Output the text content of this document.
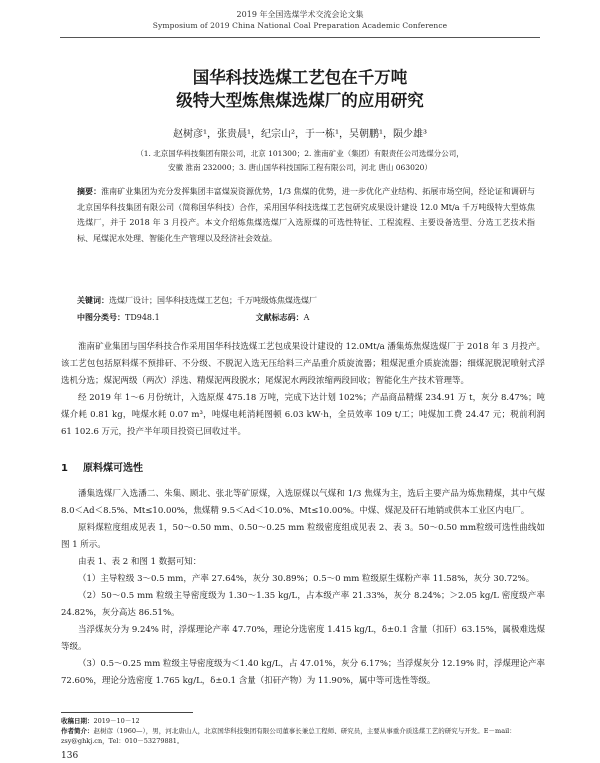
2019 年全国选煤学术交流会论文集
Symposium of 2019 China National Coal Preparation Academic Conference
国华科技选煤工艺包在千万吨
级特大型炼焦煤选煤厂的应用研究
赵树彦¹，张贵晨¹，纪宗山²，于一栋¹，吴朝鹏¹，陨少雄³
（1. 北京国华科技集团有限公司，北京 101300；2. 淮南矿业（集团）有限责任公司选煤分公司，
安徽 淮南 232000；3. 唐山国华科技国际工程有限公司，河北 唐山 063020）
摘要：淮南矿业集团为充分发挥集团丰富煤炭资源优势，1/3 焦煤的优势，进一步优化产业结构、拓展市场空间，经论证和调研与北京国华科技集团有限公司（简称国华科技）合作，采用国华科技选煤工艺包研究成果设计建设 12.0 Mt/a 千万吨级特大型炼焦选煤厂，并于 2018 年 3 月投产。本文介绍炼焦煤选煤厂入选原煤的可选性特征、工程流程、主要设备选型、分选工艺技术指标、尾煤泥水处理、智能化生产管理以及经济社会效益。
关键词：选煤厂设计；国华科技选煤工艺包；千万吨级炼焦煤选煤厂
中图分类号：TD948.1	文献标志码：A

淮南矿业集团与国华科技合作采用国华科技选煤工艺包成果设计建设的 12.0Mt/a 潘集炼焦煤选煤厂于 2018 年 3 月投产。该工艺包包括原料煤不预排矸、不分级、不脱泥入选无压给料三产品重介质旋流器；粗煤泥重介质旋流器；细煤泥脱泥喷射式浮选机分选；煤泥两级（两次）浮选、精煤泥两段脱水；尾煤泥水两段浓缩两段回收；智能化生产技术管理等。

经 2019 年 1～6 月份统计，入选原煤 475.18 万吨，完成下达计划 102%；产品商品精煤 234.91 万 t，灰分 8.47%；吨煤介耗 0.81 kg，吨煤水耗 0.07 m³，吨煤电耗消耗图顿 6.03 kW·h，全员效率 109 t/工；吨煤加工费 24.47 元；税前利润 61 102.6 万元，投产半年项目投资已回收过半。

1 原料煤可选性

潘集选煤厂入选潘二、朱集、顾北、张北等矿原煤，入选原煤以气煤和 1/3 焦煤为主，选后主要产品为炼焦精煤，其中气煤 8.0＜Ad＜8.5%、Mt≤10.00%，焦煤精 9.5＜Ad＜10.0%、Mt≤10.00%。中煤、煤泥及矸石地销或供本工业区内电厂。

原料煤粒度组成见表 1，50～0.50 mm、0.50～0.25 mm 粒级密度组成见表 2、表 3。50～0.50 mm粒级可选性曲线如图 1 所示。

由表 1、表 2 和图 1 数据可知：

（1）主导粒级 3～0.5 mm，产率 27.64%，灰分 30.89%；0.5～0 mm 粒级原生煤粉产率 11.58%，灰分 30.72%。

（2）50～0.5 mm 粒级主导密度级为 1.30～1.35 kg/L，占本级产率 21.33%，灰分 8.24%；＞2.05 kg/L 密度级产率 24.82%，灰分高达 86.51%。

当浮煤灰分为 9.24% 时，浮煤理论产率 47.70%，理论分选密度 1.415 kg/L，δ±0.1 含量（扣矸）63.15%，属极难选煤等级。

（3）0.5～0.25 mm 粒级主导密度级为＜1.40 kg/L，占 47.01%，灰分 6.17%；当浮煤灰分 12.19% 时，浮煤理论产率 72.60%，理论分选密度 1.765 kg/L，δ±0.1 含量（扣矸产物）为 11.90%，属中等可选性等级。

收稿日期：2019－10－12
作者简介：赵树彦（1960—），男，河北唐山人，北京国华科技集团有限公司董事长兼总工程师、研究员，主要从事重介质选煤工艺的研究与开发。E－mail：zsy@ghkj.cn，Tel：010－53279881。
136
